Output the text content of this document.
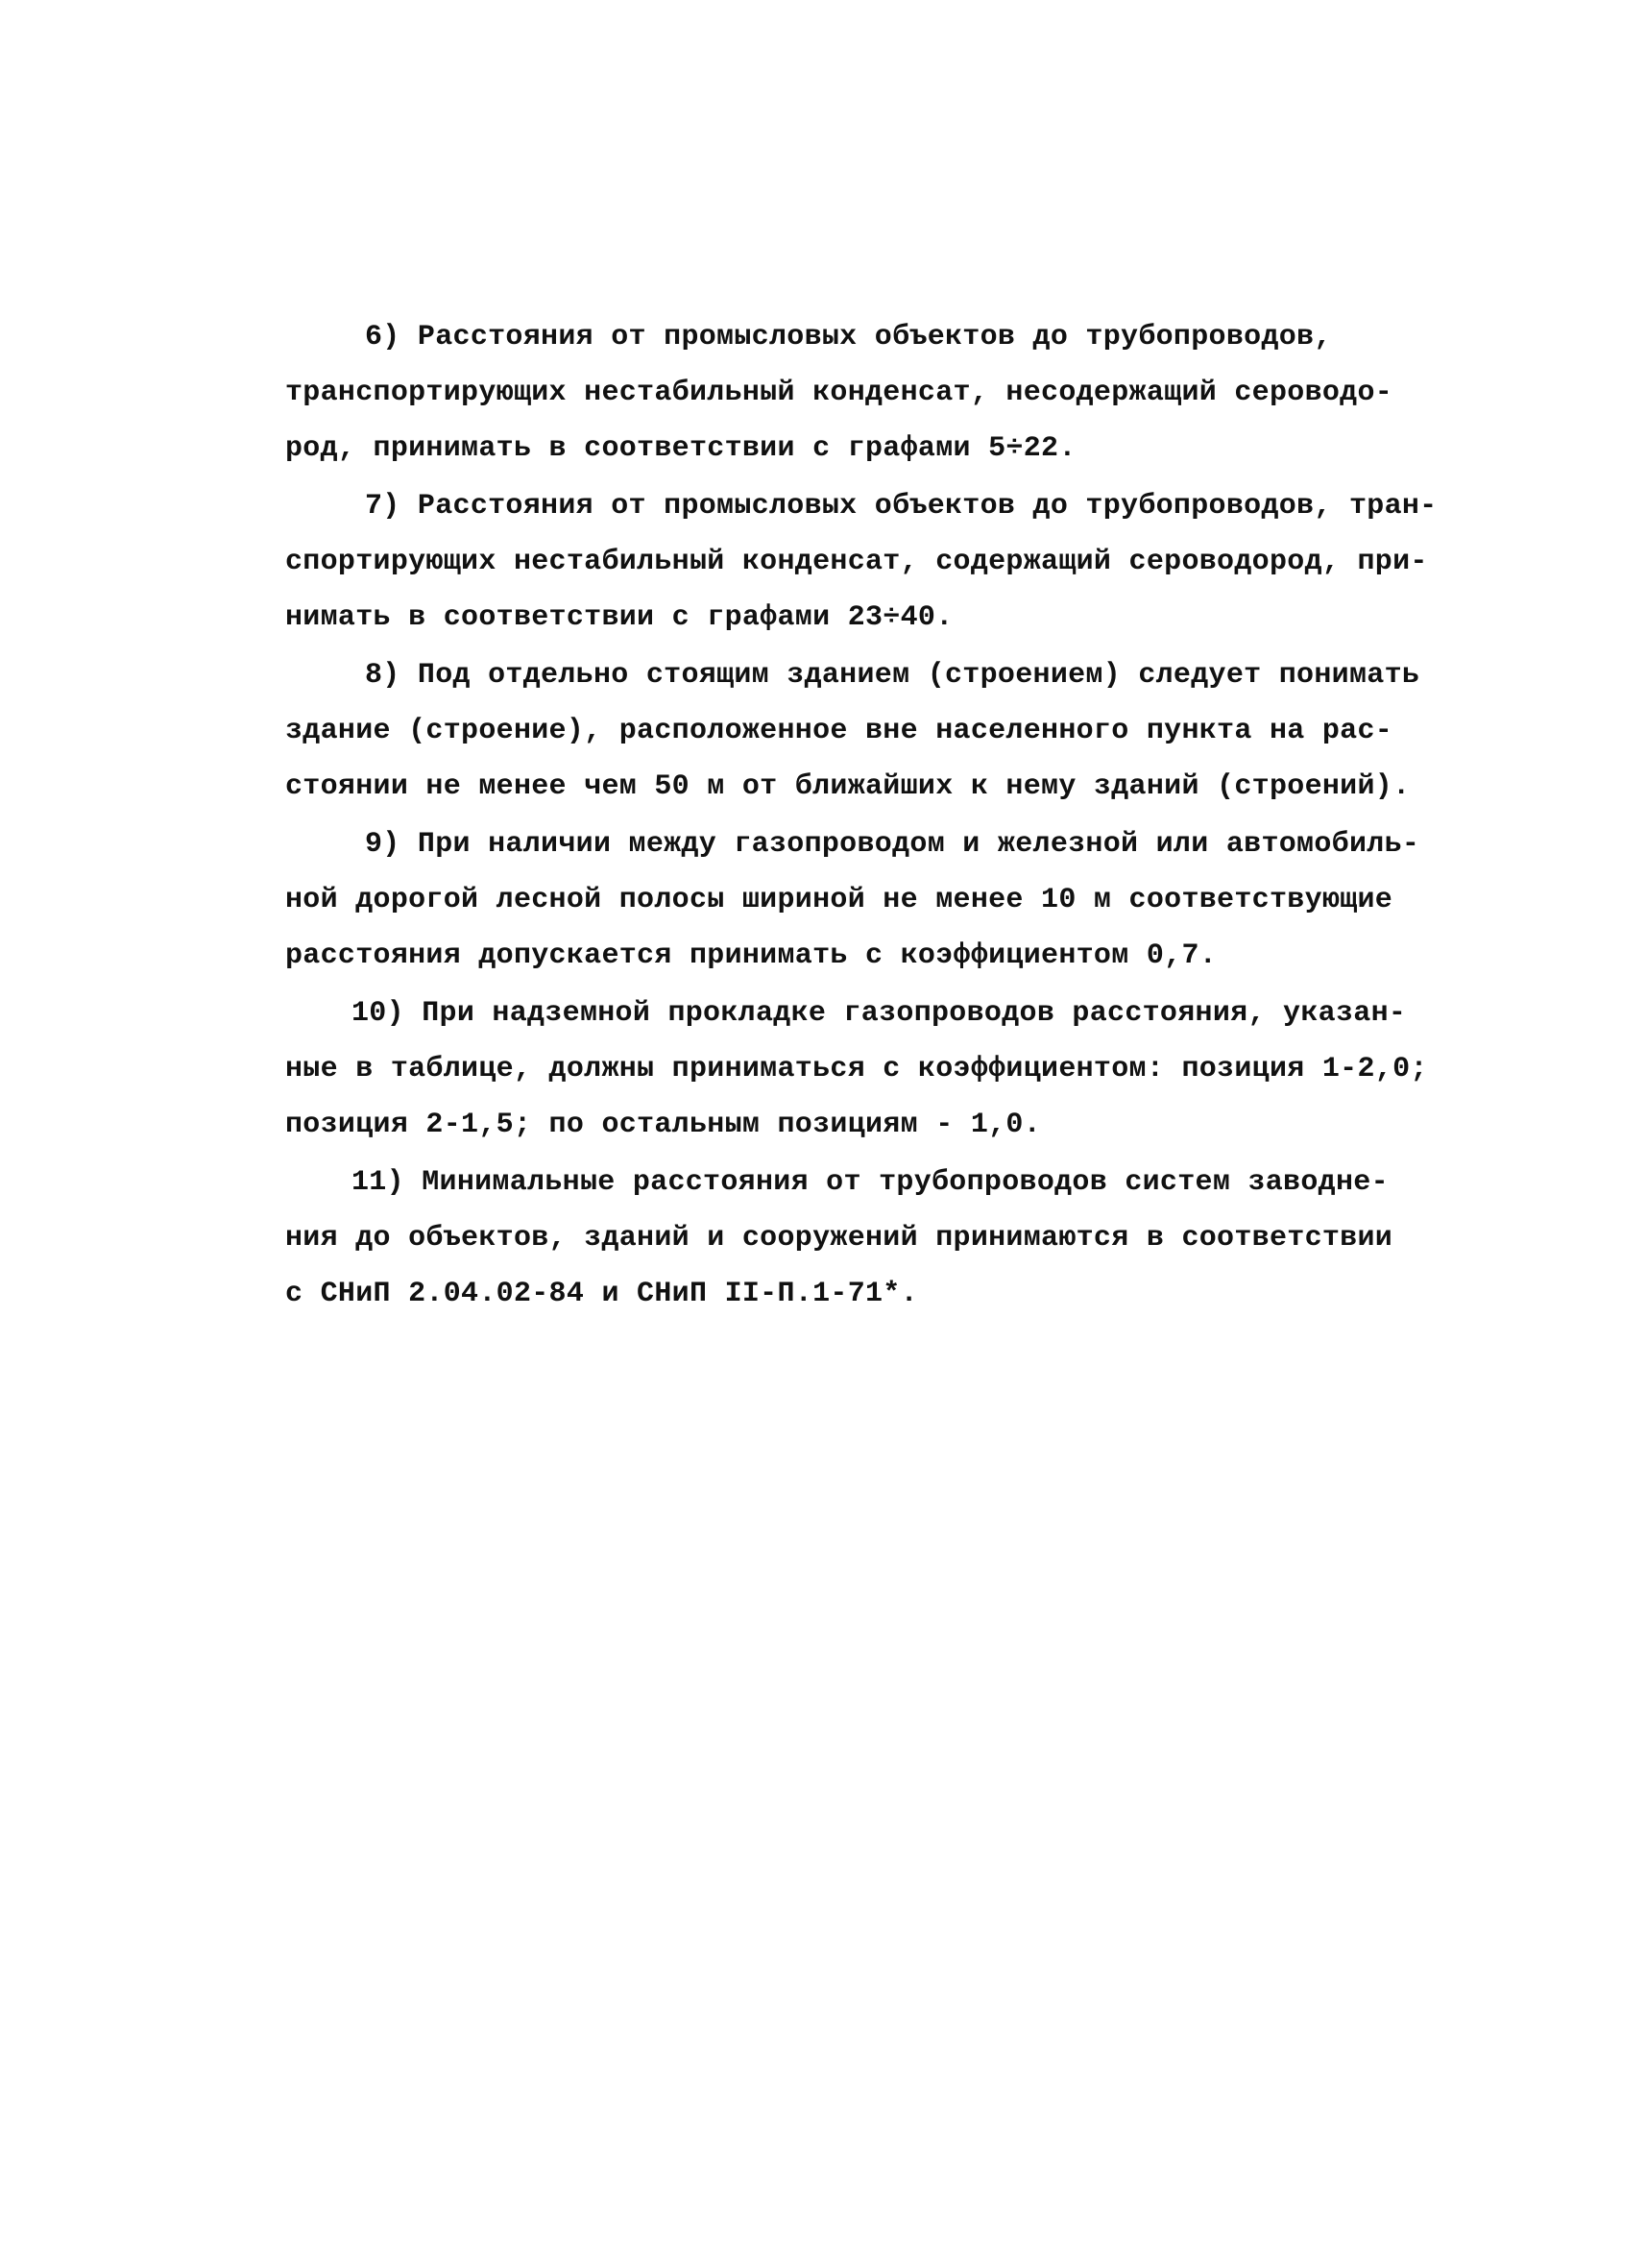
6) Расстояния от промысловых объектов до трубопроводов,

транспортирующих нестабильный конденсат, несодержащий сероводо-

род, принимать в соответствии с графами 5÷22.

7) Расстояния от промысловых объектов до трубопроводов, тран-

спортирующих нестабильный конденсат, содержащий сероводород, при-

нимать в соответствии с графами 23÷40.

8) Под отдельно стоящим зданием (строением) следует понимать

здание (строение), расположенное вне населенного пункта на рас-

стоянии не менее чем 50 м от ближайших к нему зданий (строений).

9) При наличии между газопроводом и железной или автомобиль-

ной дорогой лесной полосы шириной не менее 10 м соответствующие

расстояния допускается принимать с коэффициентом 0,7.

10) При надземной прокладке газопроводов расстояния, указан-

ные в таблице, должны приниматься с коэффициентом: позиция 1-2,0;

позиция 2-1,5; по остальным позициям - 1,0.

11) Минимальные расстояния от трубопроводов систем заводне-

ния до объектов, зданий и сооружений принимаются в соответствии

с СНиП 2.04.02-84 и СНиП II-П.1-71*.
